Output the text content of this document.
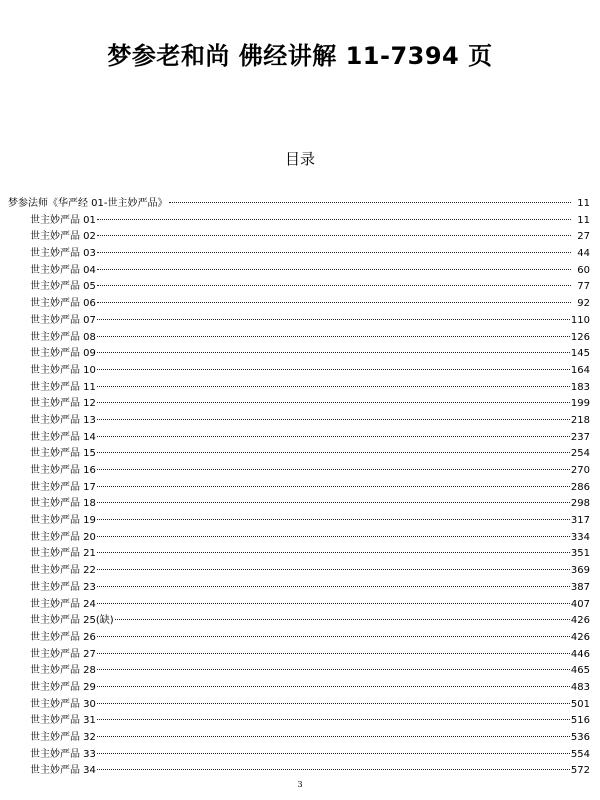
梦参老和尚 佛经讲解 11-7394 页
目录
梦参法师《华严经 01-世主妙严品》	11
世主妙严品 01	11
世主妙严品 02	27
世主妙严品 03	44
世主妙严品 04	60
世主妙严品 05	77
世主妙严品 06	92
世主妙严品 07	110
世主妙严品 08	126
世主妙严品 09	145
世主妙严品 10	164
世主妙严品 11	183
世主妙严品 12	199
世主妙严品 13	218
世主妙严品 14	237
世主妙严品 15	254
世主妙严品 16	270
世主妙严品 17	286
世主妙严品 18	298
世主妙严品 19	317
世主妙严品 20	334
世主妙严品 21	351
世主妙严品 22	369
世主妙严品 23	387
世主妙严品 24	407
世主妙严品 25(缺)	426
世主妙严品 26	426
世主妙严品 27	446
世主妙严品 28	465
世主妙严品 29	483
世主妙严品 30	501
世主妙严品 31	516
世主妙严品 32	536
世主妙严品 33	554
世主妙严品 34	572
3
